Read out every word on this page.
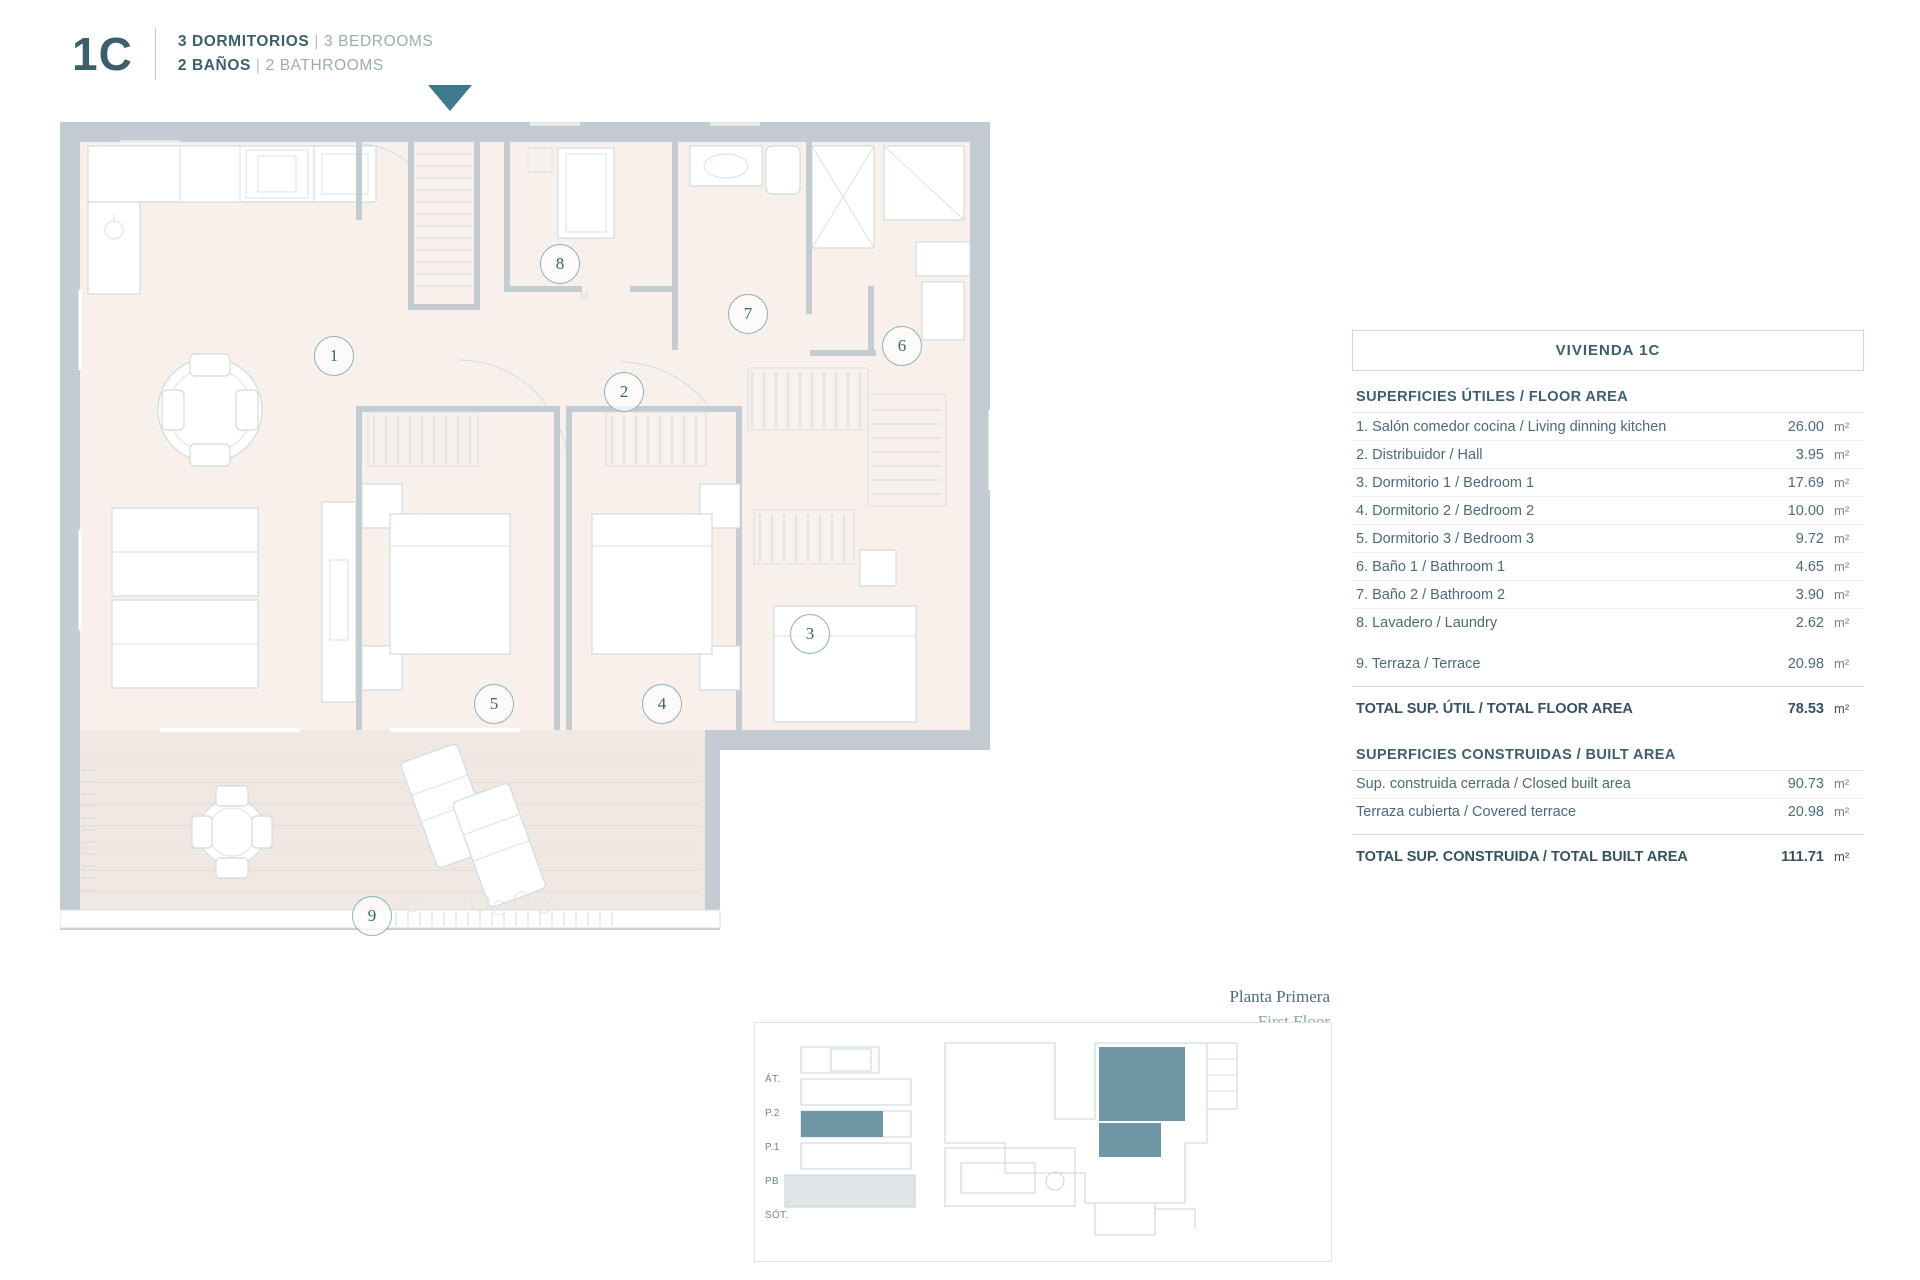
1C	3 DORMITORIOS | 3 BEDROOMS
2 BAÑOS | 2 BATHROOMS
1
2
3
4
5
6
7
8
9
VIVIENDA 1C
SUPERFICIES ÚTILES / FLOOR AREA
1. Salón comedor cocina / Living dinning kitchen	26.00 m²
2. Distribuidor / Hall	3.95 m²
3. Dormitorio 1 / Bedroom 1	17.69 m²
4. Dormitorio 2 / Bedroom 2	10.00 m²
5. Dormitorio 3 / Bedroom 3	9.72 m²
6. Baño 1 / Bathroom 1	4.65 m²
7. Baño 2 / Bathroom 2	3.90 m²
8. Lavadero / Laundry	2.62 m²
9. Terraza / Terrace	20.98 m²
TOTAL SUP. ÚTIL / TOTAL FLOOR AREA	78.53 m²
SUPERFICIES CONSTRUIDAS / BUILT AREA
Sup. construida cerrada / Closed built area	90.73 m²
Terraza cubierta / Covered terrace	20.98 m²
TOTAL SUP. CONSTRUIDA / TOTAL BUILT AREA	111.71 m²
Planta Primera
ÁT.
P.2
P.1
PB
SÓT.
